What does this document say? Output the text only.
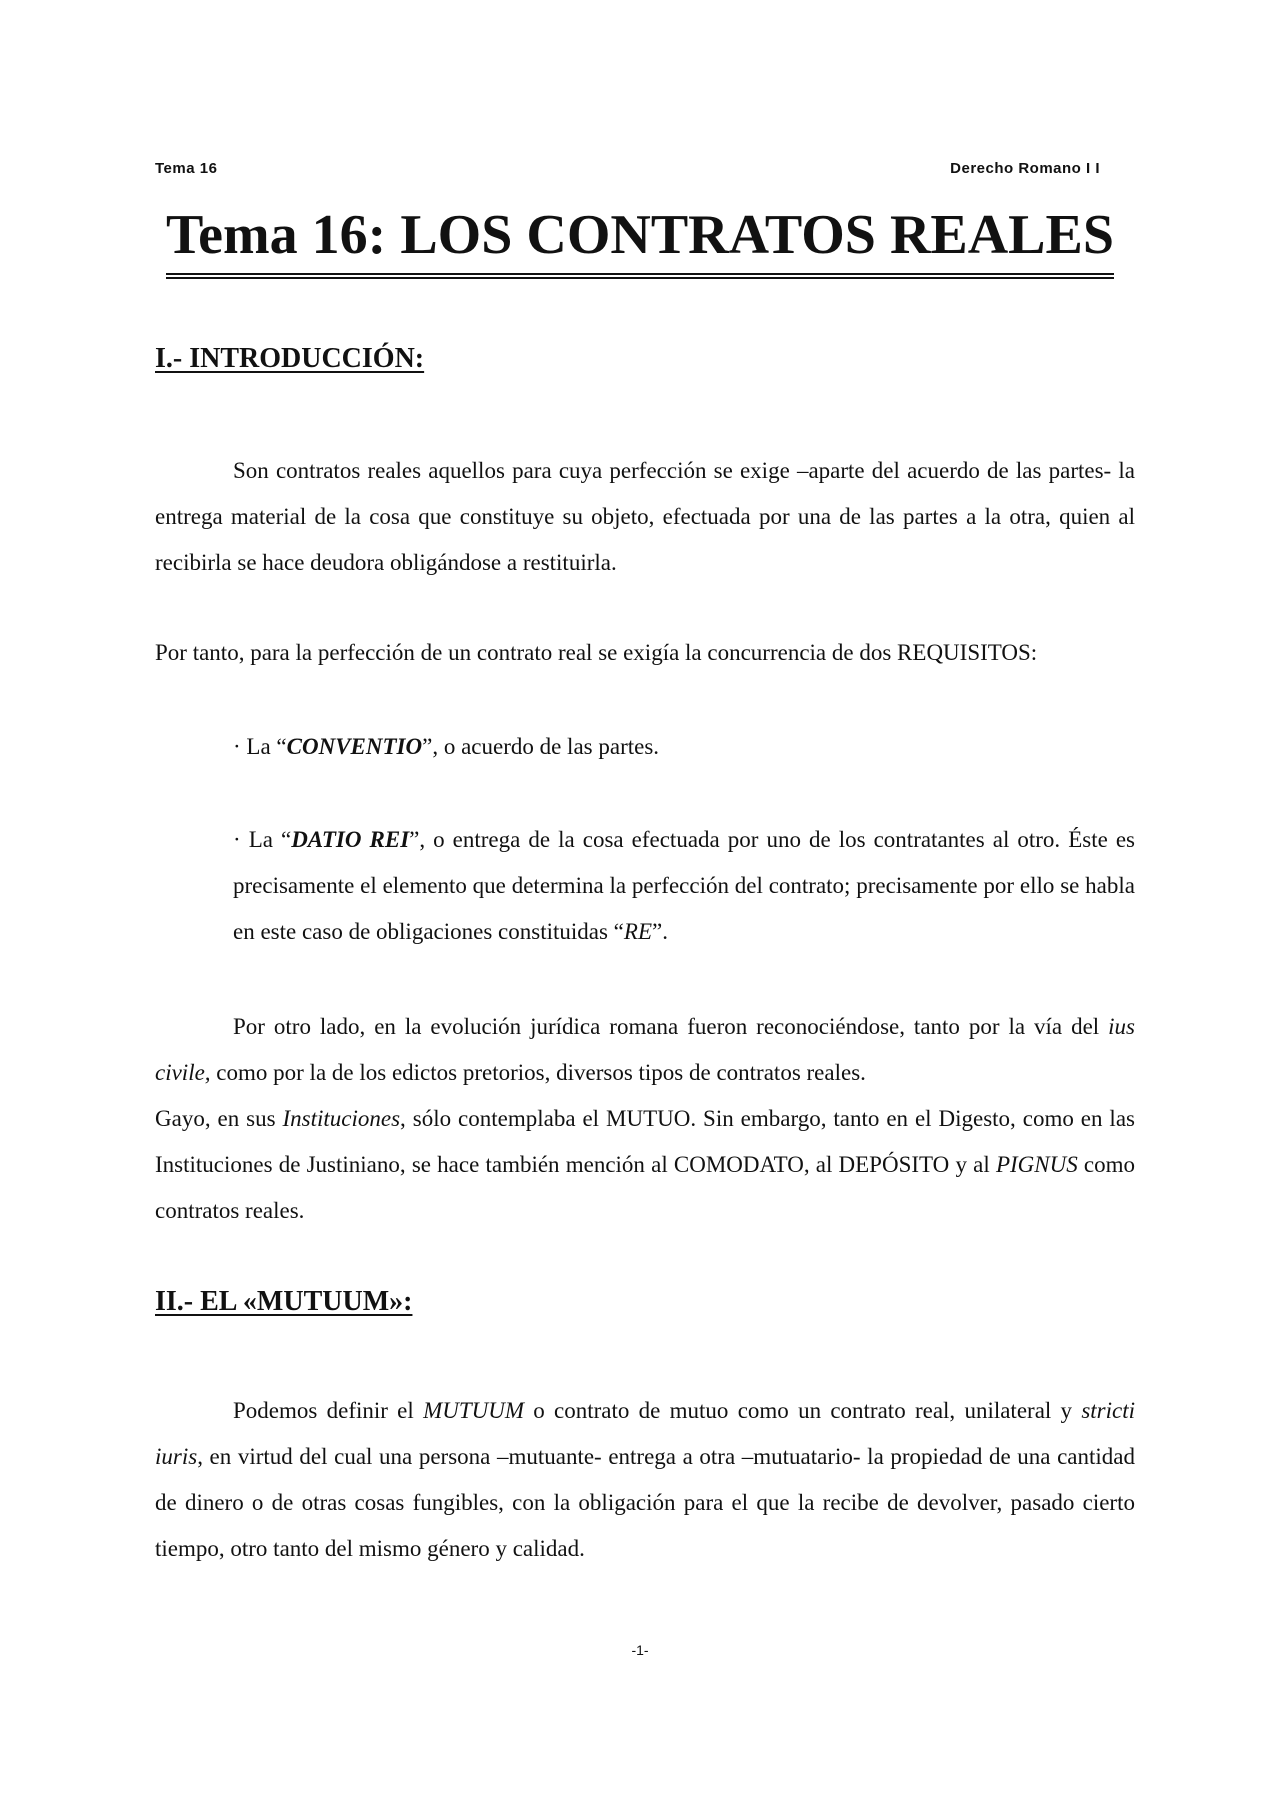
Tema 16	Derecho Romano I I
Tema 16: LOS CONTRATOS REALES
I.- INTRODUCCIÓN:
Son contratos reales aquellos para cuya perfección se exige –aparte del acuerdo de las partes- la entrega material de la cosa que constituye su objeto, efectuada por una de las partes a la otra, quien al recibirla se hace deudora obligándose a restituirla.
Por tanto, para la perfección de un contrato real se exigía la concurrencia de dos REQUISITOS:
· La “CONVENTIO”, o acuerdo de las partes.
· La “DATIO REI”, o entrega de la cosa efectuada por uno de los contratantes al otro. Éste es precisamente el elemento que determina la perfección del contrato; precisamente por ello se habla en este caso de obligaciones constituidas “RE”.
Por otro lado, en la evolución jurídica romana fueron reconociéndose, tanto por la vía del ius civile, como por la de los edictos pretorios, diversos tipos de contratos reales.
Gayo, en sus Instituciones, sólo contemplaba el MUTUO. Sin embargo, tanto en el Digesto, como en las Instituciones de Justiniano, se hace también mención al COMODATO, al DEPÓSITO y al PIGNUS como contratos reales.
II.- EL «MUTUUM»:
Podemos definir el MUTUUM o contrato de mutuo como un contrato real, unilateral y stricti iuris, en virtud del cual una persona –mutuante- entrega a otra –mutuatario- la propiedad de una cantidad de dinero o de otras cosas fungibles, con la obligación para el que la recibe de devolver, pasado cierto tiempo, otro tanto del mismo género y calidad.
-1-
